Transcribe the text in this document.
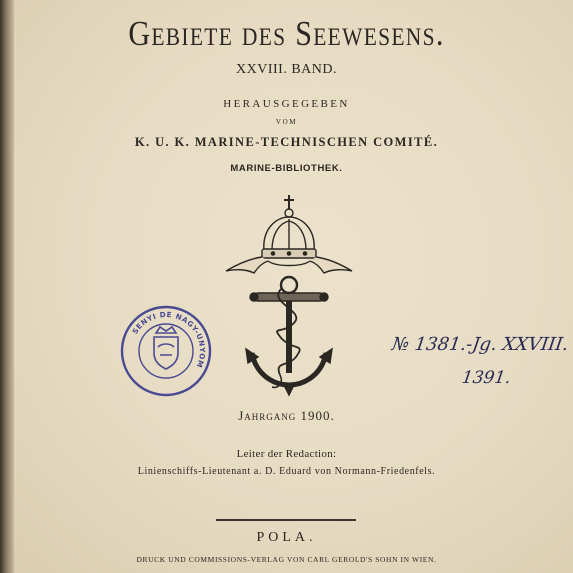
Gebiete des Seewesens.
XXVIII. BAND.
HERAUSGEGEBEN
VOM
K. U. K. MARINE-TECHNISCHEN COMITÉ.
MARINE-BIBLIOTHEK.
SENYI DE NAGY-UNYOM
№ 1381.-Jg. XXVIII.
1391.
Jahrgang 1900.
Leiter der Redaction:
Linienschiffs-Lieutenant a. D. Eduard von Normann-Friedenfels.
POLA.
DRUCK UND COMMISSIONS-VERLAG VON CARL GEROLD'S SOHN IN WIEN.
